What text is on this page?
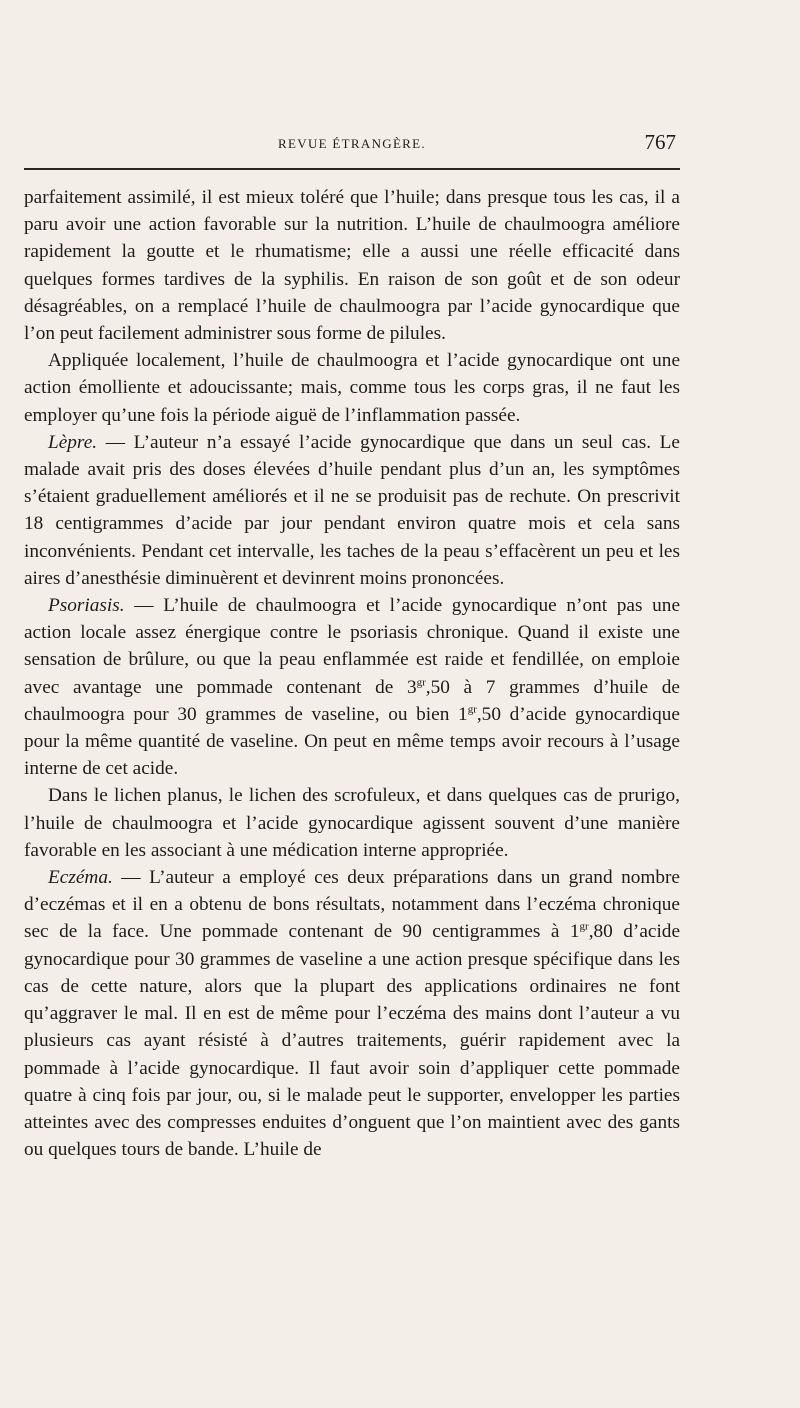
REVUE ÉTRANGÈRE.	767

parfaitement assimilé, il est mieux toléré que l’huile; dans presque tous les cas, il a paru avoir une action favorable sur la nutrition. L’huile de chaulmoogra améliore rapidement la goutte et le rhumatisme; elle a aussi une réelle efficacité dans quelques formes tardives de la syphilis. En raison de son goût et de son odeur désagréables, on a remplacé l’huile de chaulmoogra par l’acide gynocardique que l’on peut facilement administrer sous forme de pilules.

Appliquée localement, l’huile de chaulmoogra et l’acide gynocardique ont une action émolliente et adoucissante; mais, comme tous les corps gras, il ne faut les employer qu’une fois la période aiguë de l’inflammation passée.

Lèpre. — L’auteur n’a essayé l’acide gynocardique que dans un seul cas. Le malade avait pris des doses élevées d’huile pendant plus d’un an, les symptômes s’étaient graduellement améliorés et il ne se produisit pas de rechute. On prescrivit 18 centigrammes d’acide par jour pendant environ quatre mois et cela sans inconvénients. Pendant cet intervalle, les taches de la peau s’effacèrent un peu et les aires d’anesthésie diminuèrent et devinrent moins prononcées.

Psoriasis. — L’huile de chaulmoogra et l’acide gynocardique n’ont pas une action locale assez énergique contre le psoriasis chronique. Quand il existe une sensation de brûlure, ou que la peau enflammée est raide et fendillée, on emploie avec avantage une pommade contenant de $3^{gr},50$ à 7 grammes d’huile de chaulmoogra pour 30 grammes de vaseline, ou bien $1^{gr},50$ d’acide gynocardique pour la même quantité de vaseline. On peut en même temps avoir recours à l’usage interne de cet acide.

Dans le lichen planus, le lichen des scrofuleux, et dans quelques cas de prurigo, l’huile de chaulmoogra et l’acide gynocardique agissent souvent d’une manière favorable en les associant à une médication interne appropriée.

Eczéma. — L’auteur a employé ces deux préparations dans un grand nombre d’eczémas et il en a obtenu de bons résultats, notamment dans l’eczéma chronique sec de la face. Une pommade contenant de 90 centigrammes à $1^{gr},80$ d’acide gynocardique pour 30 grammes de vaseline a une action presque spécifique dans les cas de cette nature, alors que la plupart des applications ordinaires ne font qu’aggraver le mal. Il en est de même pour l’eczéma des mains dont l’auteur a vu plusieurs cas ayant résisté à d’autres traitements, guérir rapidement avec la pommade à l’acide gynocardique. Il faut avoir soin d’appliquer cette pommade quatre à cinq fois par jour, ou, si le malade peut le supporter, envelopper les parties atteintes avec des compresses enduites d’onguent que l’on maintient avec des gants ou quelques tours de bande. L’huile de
